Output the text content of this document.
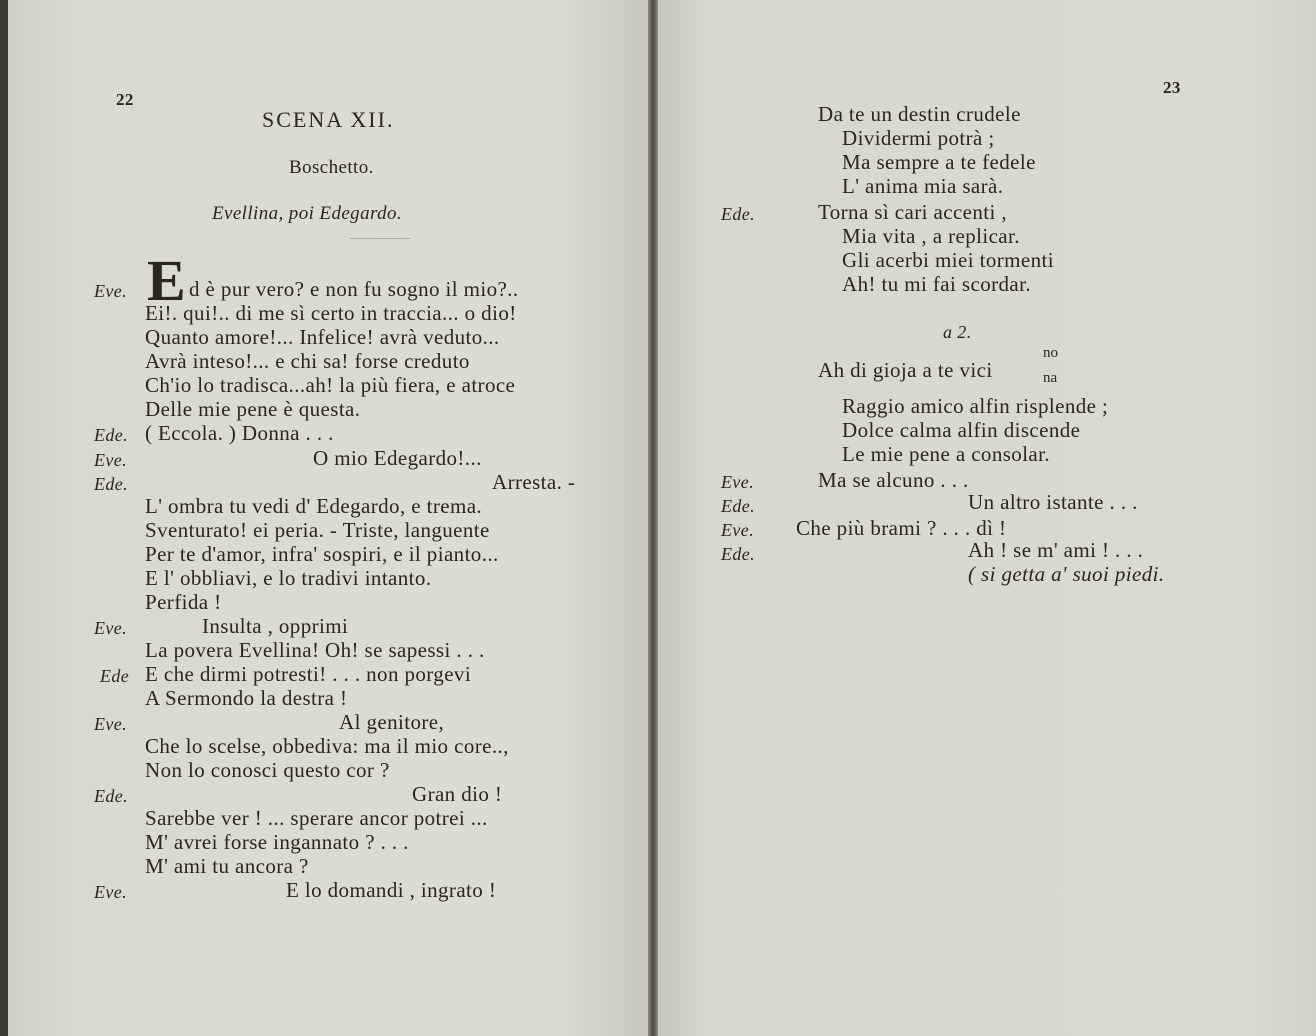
22
SCENA XII.
Boschetto.
Evellina, poi Edegardo.
E
Eve.	d è pur vero? e non fu sogno il mio?..
Ei!. qui!.. di me sì certo in traccia... o dio!
Quanto amore!... Infelice! avrà veduto...
Avrà inteso!... e chi sa! forse creduto
Ch'io lo tradisca...ah! la più fiera, e atroce
Delle mie pene è questa.
Ede. ( Eccola. ) Donna . . .
Eve.	O mio Edegardo!...
Ede.	Arresta. -
L' ombra tu vedi d' Edegardo, e trema.
Sventurato! ei peria. - Triste, languente
Per te d'amor, infra' sospiri, e il pianto...
E l' obbliavi, e lo tradivi intanto.
Perfida !
Eve.	Insulta , opprimi
La povera Evellina! Oh! se sapessi . . .
Ede E che dirmi potresti! . . . non porgevi
A Sermondo la destra !
Eve.	Al genitore,
Che lo scelse, obbediva: ma il mio core..,
Non lo conosci questo cor ?
Ede.	Gran dio !
Sarebbe ver ! ... sperare ancor potrei ...
M' avrei forse ingannato ? . . .
M' ami tu ancora ?
Eve.	E lo domandi , ingrato !
23
Da te un destin crudele
Dividermi potrà ;
Ma sempre a te fedele
L' anima mia sarà.
Ede.	Torna sì cari accenti ,
Mia vita , a replicar.
Gli acerbi miei tormenti
Ah! tu mi fai scordar.
a 2.
Ah di gioja a te vici
no
na
Raggio amico alfin risplende ;
Dolce calma alfin discende
Le mie pene a consolar.
Eve.	Ma se alcuno . . .
Ede.	Un altro istante . . .
Eve. Che più brami ? . . . dì !
Ede.	Ah ! se m' ami ! . . .
( si getta a' suoi piedi.
